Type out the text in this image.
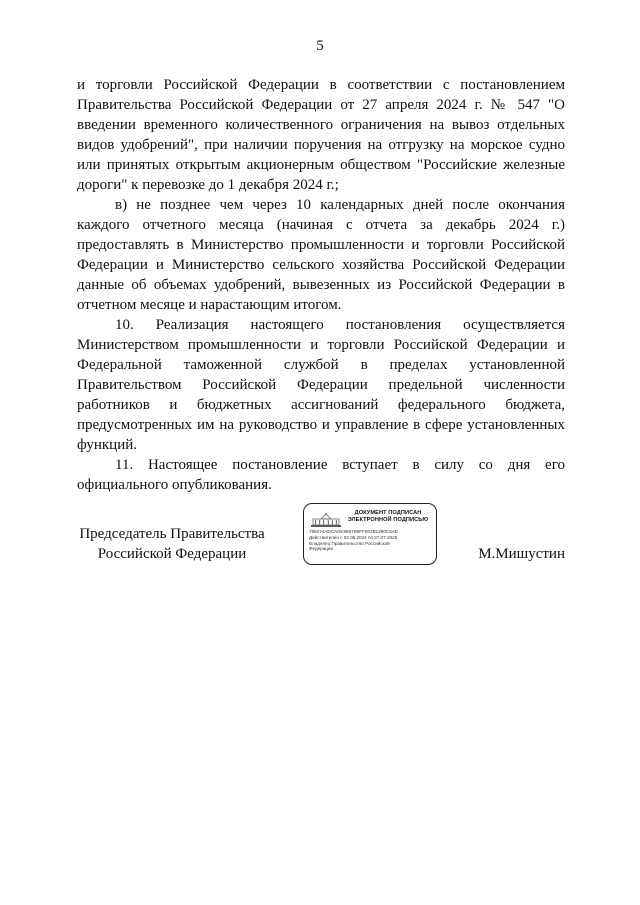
5

и торговли Российской Федерации в соответствии с постановлением Правительства Российской Федерации от 27 апреля 2024 г. № 547 "О введении временного количественного ограничения на вывоз отдельных видов удобрений", при наличии поручения на отгрузку на морское судно или принятых открытым акционерным обществом "Российские железные дороги" к перевозке до 1 декабря 2024 г.;

в) не позднее чем через 10 календарных дней после окончания каждого отчетного месяца (начиная с отчета за декабрь 2024 г.) предоставлять в Министерство промышленности и торговли Российской Федерации и Министерство сельского хозяйства Российской Федерации данные об объемах удобрений, вывезенных из Российской Федерации в отчетном месяце и нарастающим итогом.

10. Реализация настоящего постановления осуществляется Министерством промышленности и торговли Российской Федерации и Федеральной таможенной службой в пределах установленной Правительством Российской Федерации предельной численности работников и бюджетных ассигнований федерального бюджета, предусмотренных им на руководство и управление в сфере установленных функций.

11. Настоящее постановление вступает в силу со дня его официального опубликования.

Председатель Правительства
Российской Федерации
ДОКУМЕНТ ПОДПИСАН
ЭЛЕКТРОННОЙ ПОДПИСЬЮ
798274ADCADE8967B9FF003B1290C5AE
Действителен с 03.05.2024 по 27.07.2025
Владелец Правительство Российской
Федерации	М.Мишустин
